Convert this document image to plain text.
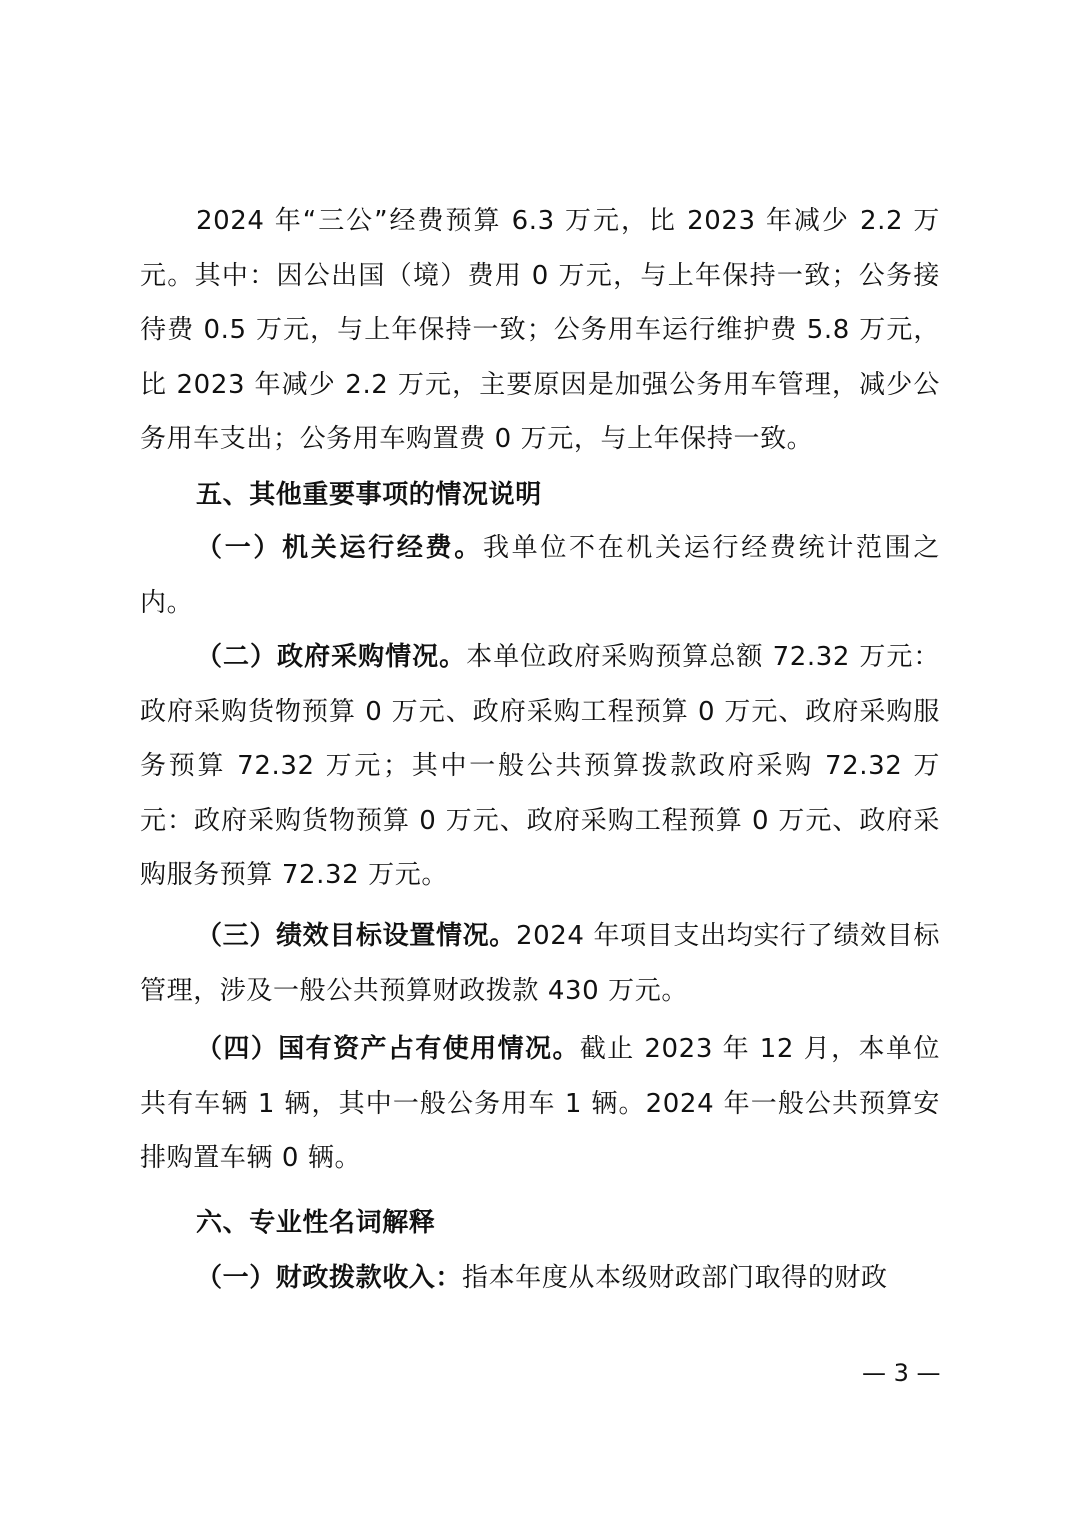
2024 年“三公”经费预算 6.3 万元，比 2023 年减少 2.2 万元。其中：因公出国（境）费用 0 万元，与上年保持一致；公务接待费 0.5 万元，与上年保持一致；公务用车运行维护费 5.8 万元，比 2023 年减少 2.2 万元，主要原因是加强公务用车管理，减少公务用车支出；公务用车购置费 0 万元，与上年保持一致。

五、其他重要事项的情况说明

（一）机关运行经费。我单位不在机关运行经费统计范围之内。

（二）政府采购情况。本单位政府采购预算总额 72.32 万元：政府采购货物预算 0 万元、政府采购工程预算 0 万元、政府采购服务预算 72.32 万元；其中一般公共预算拨款政府采购 72.32 万元：政府采购货物预算 0 万元、政府采购工程预算 0 万元、政府采购服务预算 72.32 万元。

（三）绩效目标设置情况。2024 年项目支出均实行了绩效目标管理，涉及一般公共预算财政拨款 430 万元。

（四）国有资产占有使用情况。截止 2023 年 12 月，本单位共有车辆 1 辆，其中一般公务用车 1 辆。2024 年一般公共预算安排购置车辆 0 辆。

六、专业性名词解释

（一）财政拨款收入：指本年度从本级财政部门取得的财政

— 3 —
